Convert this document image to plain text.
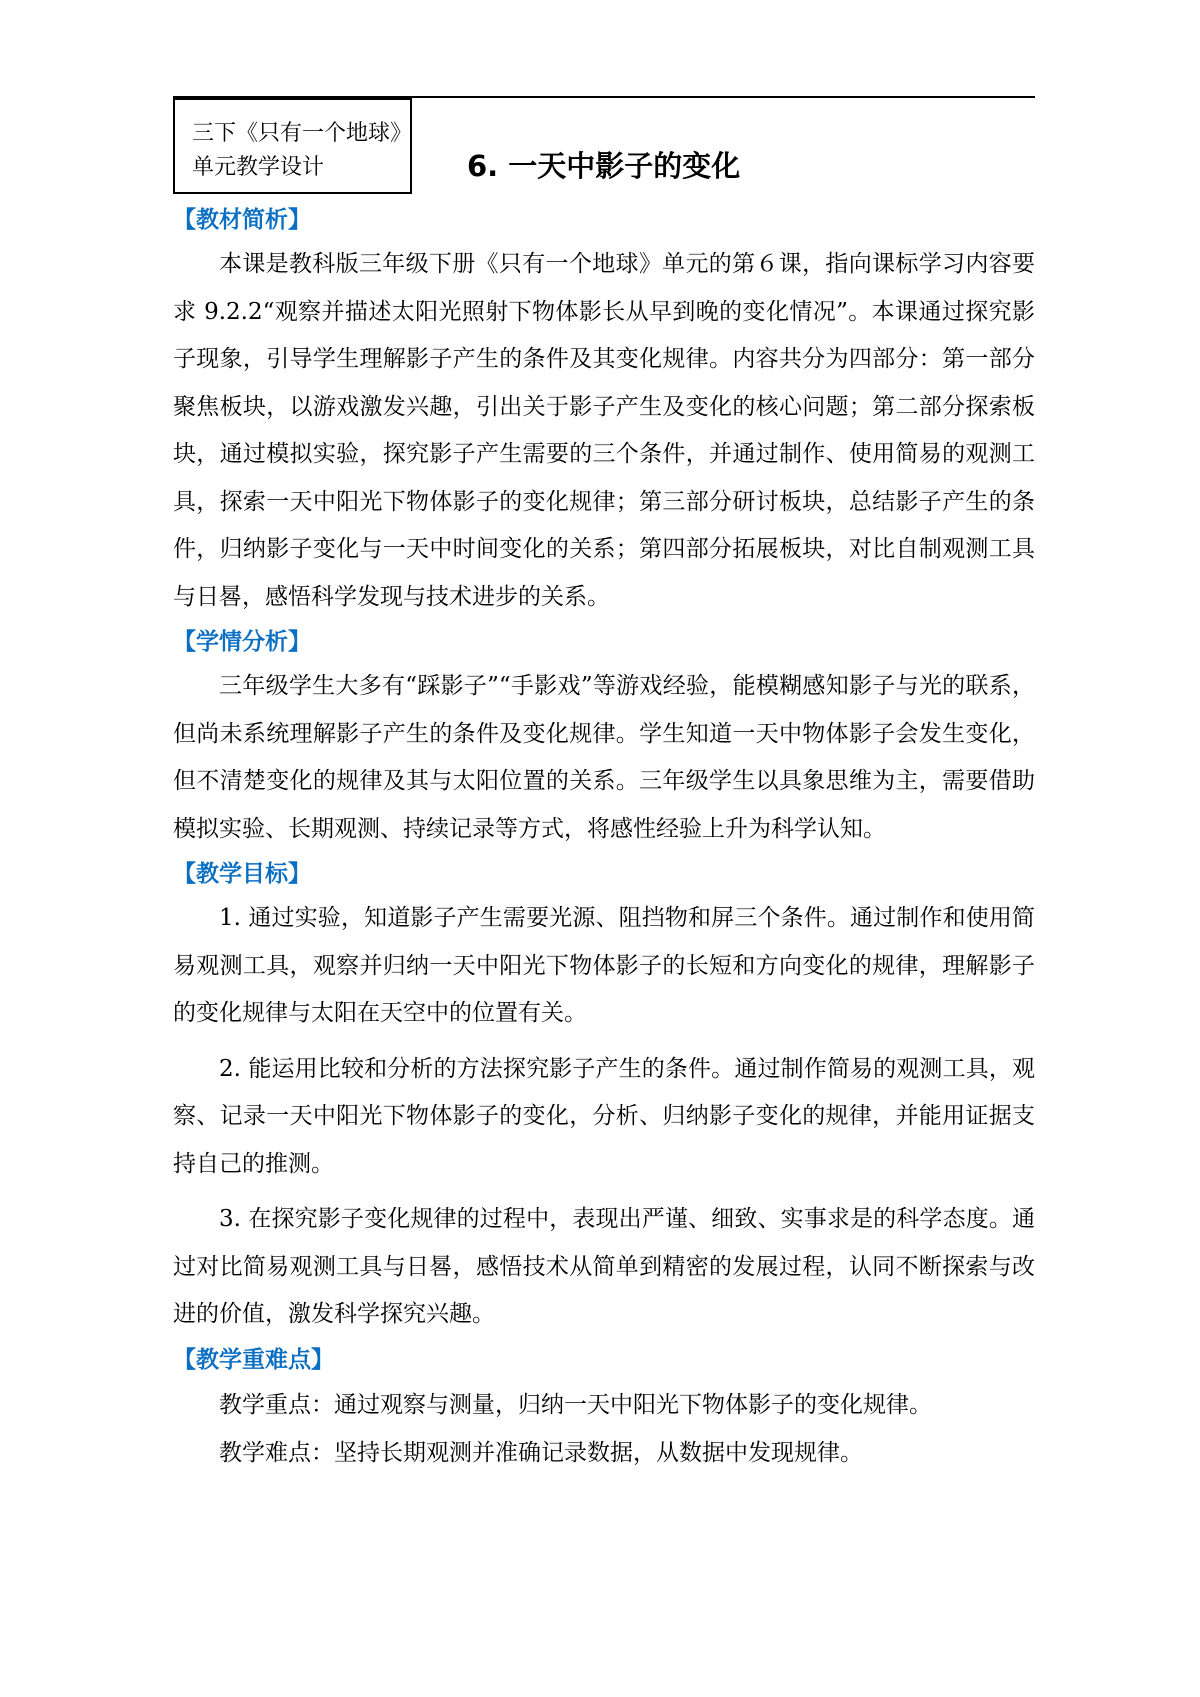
三下《只有一个地球》
单元教学设计	6. 一天中影子的变化
【教材简析】

本课是教科版三年级下册《只有一个地球》单元的第６课，指向课标学习内容要求 9.2.2“观察并描述太阳光照射下物体影长从早到晚的变化情况”。本课通过探究影子现象，引导学生理解影子产生的条件及其变化规律。内容共分为四部分：第一部分聚焦板块，以游戏激发兴趣，引出关于影子产生及变化的核心问题；第二部分探索板块，通过模拟实验，探究影子产生需要的三个条件，并通过制作、使用简易的观测工具，探索一天中阳光下物体影子的变化规律；第三部分研讨板块，总结影子产生的条件，归纳影子变化与一天中时间变化的关系；第四部分拓展板块，对比自制观测工具与日晷，感悟科学发现与技术进步的关系。

【学情分析】

三年级学生大多有“踩影子”“手影戏”等游戏经验，能模糊感知影子与光的联系，但尚未系统理解影子产生的条件及变化规律。学生知道一天中物体影子会发生变化，但不清楚变化的规律及其与太阳位置的关系。三年级学生以具象思维为主，需要借助模拟实验、长期观测、持续记录等方式，将感性经验上升为科学认知。

【教学目标】

1. 通过实验，知道影子产生需要光源、阻挡物和屏三个条件。通过制作和使用简易观测工具，观察并归纳一天中阳光下物体影子的长短和方向变化的规律，理解影子的变化规律与太阳在天空中的位置有关。

2. 能运用比较和分析的方法探究影子产生的条件。通过制作简易的观测工具，观察、记录一天中阳光下物体影子的变化，分析、归纳影子变化的规律，并能用证据支持自己的推测。

3. 在探究影子变化规律的过程中，表现出严谨、细致、实事求是的科学态度。通过对比简易观测工具与日晷，感悟技术从简单到精密的发展过程，认同不断探索与改进的价值，激发科学探究兴趣。

【教学重难点】

教学重点：通过观察与测量，归纳一天中阳光下物体影子的变化规律。

教学难点：坚持长期观测并准确记录数据，从数据中发现规律。
